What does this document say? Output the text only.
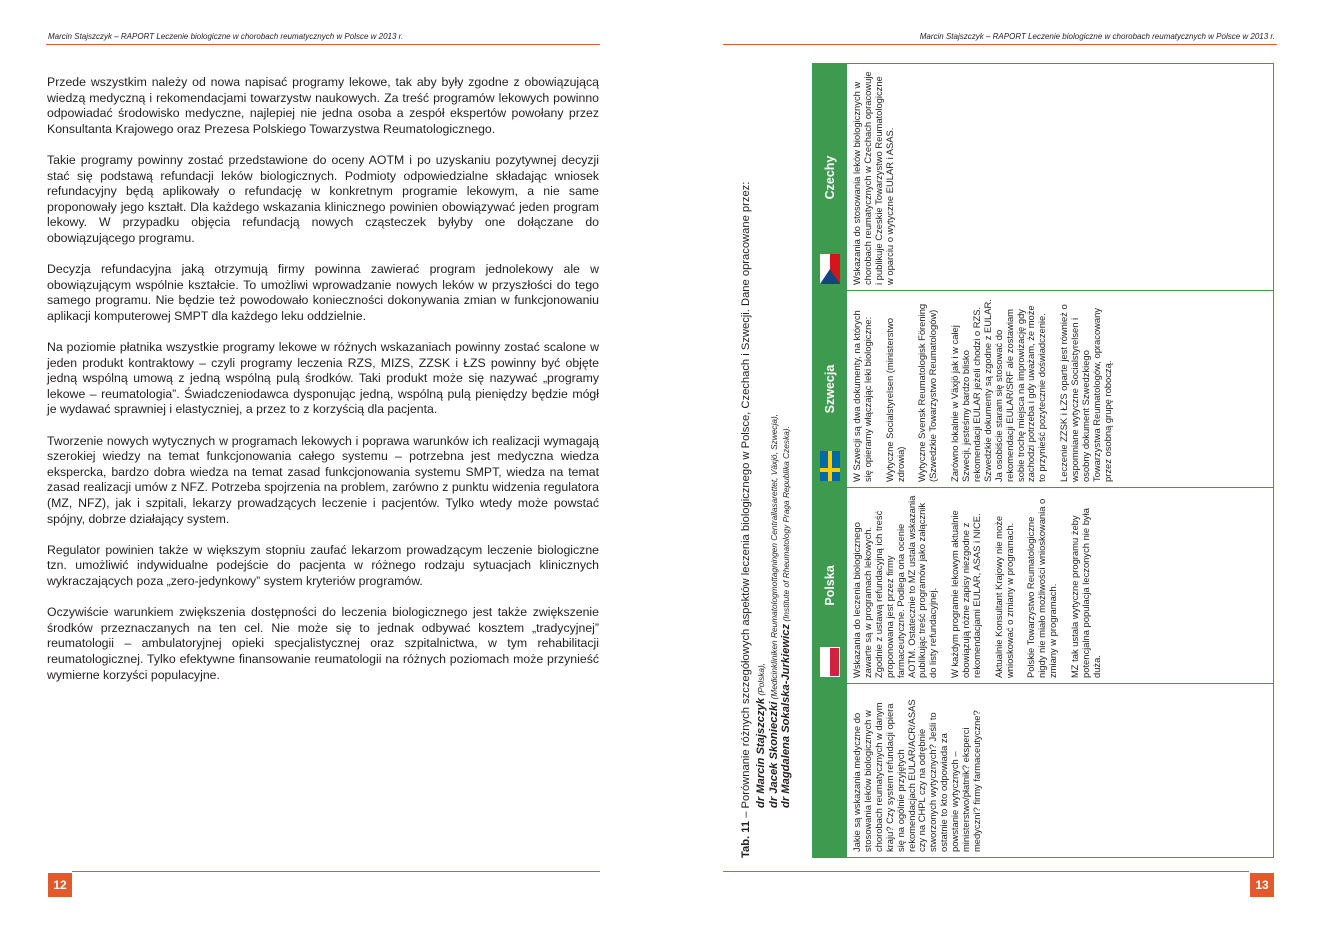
Marcin Stajszczyk – RAPORT Leczenie biologiczne w chorobach reumatycznych w Polsce w 2013 r.

Przede wszystkim należy od nowa napisać programy lekowe, tak aby były zgodne z obowiązującą wiedzą medyczną i rekomendacjami towarzystw naukowych. Za treść programów lekowych powinno odpowiadać środowisko medyczne, najlepiej nie jedna osoba a zespół ekspertów powołany przez Konsultanta Krajowego oraz Prezesa Polskiego Towarzystwa Reumatologicznego.

Takie programy powinny zostać przedstawione do oceny AOTM i po uzyskaniu pozytywnej decyzji stać się podstawą refundacji leków biologicznych. Podmioty odpowiedzialne składając wniosek refundacyjny będą aplikowały o refundację w konkretnym programie lekowym, a nie same proponowały jego kształt. Dla każdego wskazania klinicznego powinien obowiązywać jeden program lekowy. W przypadku objęcia refundacją nowych cząsteczek byłyby one dołączane do obowiązującego programu.

Decyzja refundacyjna jaką otrzymują firmy powinna zawierać program jednolekowy ale w obowiązującym wspólnie kształcie. To umożliwi wprowadzanie nowych leków w przyszłości do tego samego programu. Nie będzie też powodowało konieczności dokonywania zmian w funkcjonowaniu aplikacji komputerowej SMPT dla każdego leku oddzielnie.

Na poziomie płatnika wszystkie programy lekowe w różnych wskazaniach powinny zostać scalone w jeden produkt kontraktowy – czyli programy leczenia RZS, MIZS, ZZSK i ŁZS powinny być objęte jedną wspólną umową z jedną wspólną pulą środków. Taki produkt może się nazywać „programy lekowe – reumatologia”. Świadczeniodawca dysponując jedną, wspólną pulą pieniędzy będzie mógł je wydawać sprawniej i elastyczniej, a przez to z korzyścią dla pacjenta.

Tworzenie nowych wytycznych w programach lekowych i poprawa warunków ich realizacji wymagają szerokiej wiedzy na temat funkcjonowania całego systemu – potrzebna jest medyczna wiedza ekspercka, bardzo dobra wiedza na temat zasad funkcjonowania systemu SMPT, wiedza na temat zasad realizacji umów z NFZ. Potrzeba spojrzenia na problem, zarówno z punktu widzenia regulatora (MZ, NFZ), jak i szpitali, lekarzy prowadzących leczenie i pacjentów. Tylko wtedy może powstać spójny, dobrze działający system.

Regulator powinien także w większym stopniu zaufać lekarzom prowadzącym leczenie biologiczne tzn. umożliwić indywidualne podejście do pacjenta w różnego rodzaju sytuacjach klinicznych wykraczających poza „zero-jedynkowy” system kryteriów programów.

Oczywiście warunkiem zwiększenia dostępności do leczenia biologicznego jest także zwiększenie środków przeznaczanych na ten cel. Nie może się to jednak odbywać kosztem „tradycyjnej” reumatologii – ambulatoryjnej opieki specjalistycznej oraz szpitalnictwa, w tym rehabilitacji reumatologicznej. Tylko efektywne finansowanie reumatologii na różnych poziomach może przynieść wymierne korzyści populacyjne.

12
Marcin Stajszczyk – RAPORT Leczenie biologiczne w chorobach reumatycznych w Polsce w 2013 r.
13
Tab. 11 – Porównanie różnych szczegółowych aspektów leczenia biologicznego w Polsce, Czechach i Szwecji. Dane opracowane przez: dr Marcin Stajszczyk (Polska),
dr Jacek Skonieczki (Medicinkliniken Reumatologmottagningen Centrallasarettet, Växjö, Szwecja),
dr Magdalena Sokalska-Jurkiewicz (Institute of Rheumatology Praga Republika Czeska).

Jakie są wskazania medyczne do stosowania leków biologicznych w chorobach reumatycznych w danym kraju? Czy system refundacji opiera się na ogólnie przyjętych rekomendacjach EULAR/ACR/ASAS czy na CHPL czy na odrębnie stworzonych wytycznych? Jeśli to ostatnie to kto odpowiada za powstanie wytycznych – ministerstwo/płatnik? eksperci medyczni? firmy farmaceutyczne?

Polska Wskazania do leczenia biologicznego zawarte są w programach lekowych. Zgodnie z ustawą refundacyjną ich treść proponowana jest przez firmy farmaceutyczne. Podlega ona ocenie AOTM. Ostatecznie to MZ ustala wskazania publikując treść programów jako załącznik do listy refundacyjnej. W każdym programie lekowym aktualnie obowiązują różne zapisy niezgodne z rekomendacjami EULAR, ASAS i NICE. Aktualnie Konsultant Krajowy nie może wnioskować o zmiany w programach. Polskie Towarzystwo Reumatologiczne nigdy nie miało możliwości wnioskowania o zmiany w programach. MZ tak ustala wytyczne programu żeby potencjalna populacja leczonych nie była duża.

Szwecja W Szwecji są dwa dokumenty, na których się opieramy włączając leki biologiczne: Wytyczne Socialstyrelsen (ministerstwo zdrowia) Wytyczne Svensk Reumatologisk Förening (Szwedzkie Towarzystwo Reumatologów) Zarówno lokalnie w Växjö jak i w całej Szwecji, jesteśmy bardzo blisko rekomendacji EULAR jeżeli chodzi o RZS. Szwedzkie dokumenty są zgodne z EULAR. Ja osobiście staram się stosować do rekomendacji EULAR/SRF ale zostawiam sobie trochę miejsca na improwizację gdy zachodzi potrzeba i gdy uważam, że może to przynieść pozytecznie doświadczenie. Leczenie ZZSK i ŁZS oparte jest również o wspomniane wytyczne Socialstyrelsen i osobny dokument Szwedzkiego Towarzystwa Reumatologów, opracowany przez osobną grupę roboczą.

Czechy Wskazania do stosowania leków biologicznych w chorobach reumatycznych w Czechach opracowuje i publikuje Czeskie Towarzystwo Reumatologiczne w oparciu o wytyczne EULAR i ASAS.
